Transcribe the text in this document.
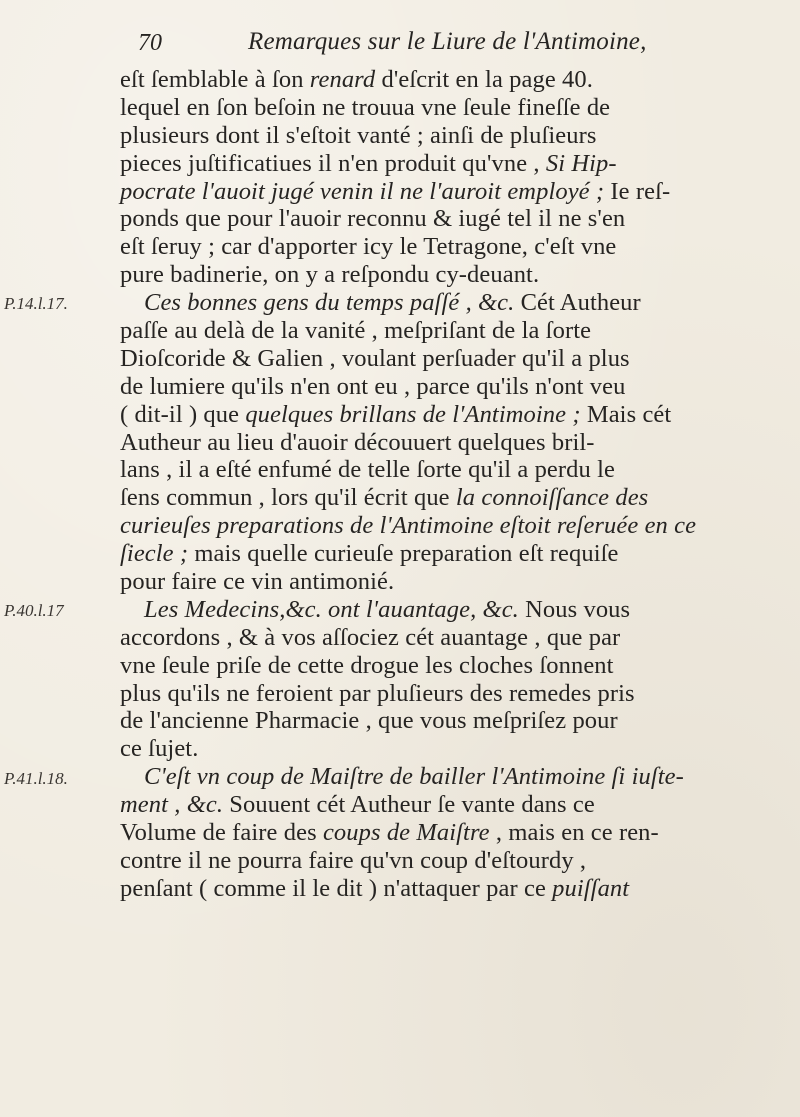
70	Remarques sur le Liure de l'Antimoine,
eſt ſemblable à ſon renard d'eſcrit en la page 40.
lequel en ſon beſoin ne trouua vne ſeule fineſſe de
plusieurs dont il s'eſtoit vanté ; ainſi de pluſieurs
pieces juſtificatiues il n'en produit qu'vne , Si Hip-
pocrate l'auoit jugé venin il ne l'auroit employé ; Ie reſ-
ponds que pour l'auoir reconnu & iugé tel il ne s'en
eſt ſeruy ; car d'apporter icy le Tetragone, c'eſt vne
pure badinerie, on y a reſpondu cy-deuant.
Ces bonnes gens du temps paſſé , &c. Cét Autheur
paſſe au delà de la vanité , meſpriſant de la ſorte
Dioſcoride & Galien , voulant perſuader qu'il a plus
de lumiere qu'ils n'en ont eu , parce qu'ils n'ont veu
( dit-il ) que quelques brillans de l'Antimoine ; Mais cét
Autheur au lieu d'auoir découuert quelques bril-
lans , il a eſté enfumé de telle ſorte qu'il a perdu le
ſens commun , lors qu'il écrit que la connoiſſance des
curieuſes preparations de l'Antimoine eſtoit reſeruée en ce
ſiecle ; mais quelle curieuſe preparation eſt requiſe
pour faire ce vin antimonié.
Les Medecins,&c. ont l'auantage, &c. Nous vous
accordons , & à vos aſſociez cét auantage , que par
vne ſeule priſe de cette drogue les cloches ſonnent
plus qu'ils ne feroient par pluſieurs des remedes pris
de l'ancienne Pharmacie , que vous meſpriſez pour
ce ſujet.
C'eſt vn coup de Maiſtre de bailler l'Antimoine ſi iuſte-
ment , &c. Souuent cét Autheur ſe vante dans ce
Volume de faire des coups de Maiſtre , mais en ce ren-
contre il ne pourra faire qu'vn coup d'eſtourdy ,
penſant ( comme il le dit ) n'attaquer par ce puiſſant
P.14.l.17.
P.40.l.17
P.41.l.18.
